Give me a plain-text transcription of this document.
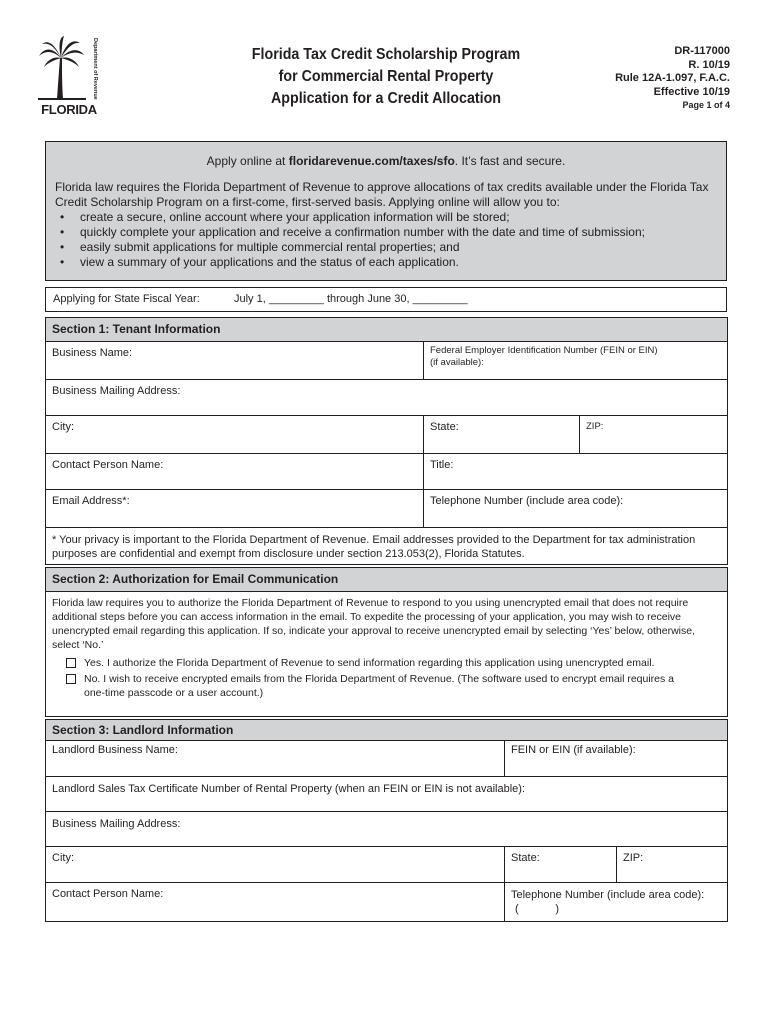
Department of Revenue
FLORIDA
Florida Tax Credit Scholarship Program
for Commercial Rental Property
Application for a Credit Allocation
DR-117000
R. 10/19
Rule 12A-1.097, F.A.C.
Effective 10/19
Page 1 of 4
Apply online at floridarevenue.com/taxes/sfo. It’s fast and secure.
Florida law requires the Florida Department of Revenue to approve allocations of tax credits available under the Florida Tax Credit Scholarship Program on a first-come, first-served basis. Applying online will allow you to:
• create a secure, online account where your application information will be stored;
• quickly complete your application and receive a confirmation number with the date and time of submission;
• easily submit applications for multiple commercial rental properties; and
• view a summary of your applications and the status of each application.
Applying for State Fiscal Year:	July 1, _________ through June 30, _________
Section 1: Tenant Information
Business Name:	Federal Employer Identification Number (FEIN or EIN)
(if available):
Business Mailing Address:
City:	State:	ZIP:
Contact Person Name:	Title:
Email Address*:	Telephone Number (include area code):
* Your privacy is important to the Florida Department of Revenue. Email addresses provided to the Department for tax administration purposes are confidential and exempt from disclosure under section 213.053(2), Florida Statutes.
Section 2: Authorization for Email Communication
Florida law requires you to authorize the Florida Department of Revenue to respond to you using unencrypted email that does not require additional steps before you can access information in the email. To expedite the processing of your application, you may wish to receive unencrypted email regarding this application. If so, indicate your approval to receive unencrypted email by selecting ‘Yes’ below, otherwise, select ‘No.’
Yes. I authorize the Florida Department of Revenue to send information regarding this application using unencrypted email.
No. I wish to receive encrypted emails from the Florida Department of Revenue. (The software used to encrypt email requires a one-time passcode or a user account.)
Section 3: Landlord Information
Landlord Business Name:	FEIN or EIN (if available):
Landlord Sales Tax Certificate Number of Rental Property (when an FEIN or EIN is not available):
Business Mailing Address:
City:	State:	ZIP:
Contact Person Name:	Telephone Number (include area code):
(            )
